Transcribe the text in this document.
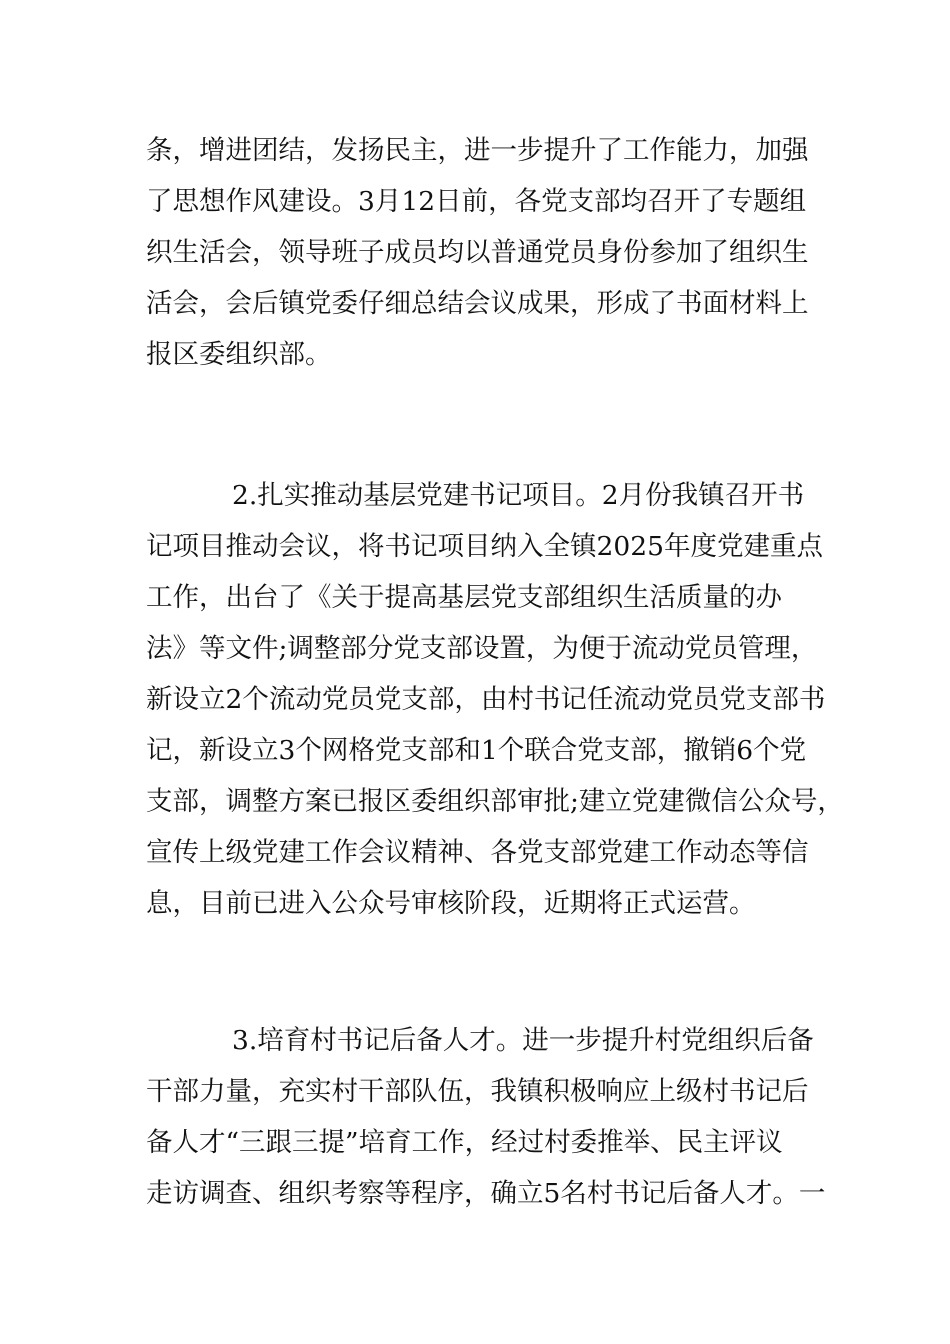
条，增进团结，发扬民主，进一步提升了工作能力，加强
了思想作风建设。3月12日前，各党支部均召开了专题组
织生活会，领导班子成员均以普通党员身份参加了组织生
活会，会后镇党委仔细总结会议成果，形成了书面材料上
报区委组织部。
2.扎实推动基层党建书记项目。2月份我镇召开书
记项目推动会议，将书记项目纳入全镇2025年度党建重点
工作，出台了《关于提高基层党支部组织生活质量的办
法》等文件;调整部分党支部设置，为便于流动党员管理，
新设立2个流动党员党支部，由村书记任流动党员党支部书
记，新设立3个网格党支部和1个联合党支部，撤销6个党
支部，调整方案已报区委组织部审批;建立党建微信公众号，
宣传上级党建工作会议精神、各党支部党建工作动态等信
息，目前已进入公众号审核阶段，近期将正式运营。
3.培育村书记后备人才。进一步提升村党组织后备
干部力量，充实村干部队伍，我镇积极响应上级村书记后
备人才“三跟三提”培育工作，经过村委推举、民主评议
走访调查、组织考察等程序，确立5名村书记后备人才。一
